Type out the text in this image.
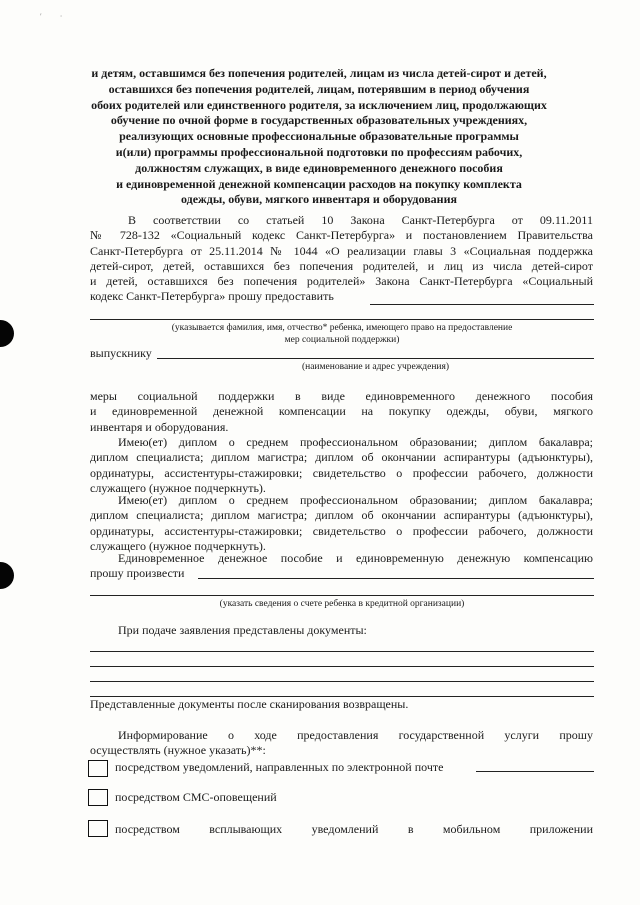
′ ·
и детям, оставшимся без попечения родителей, лицам из числа детей-сирот и детей,
оставшихся без попечения родителей, лицам, потерявшим в период обучения
обоих родителей или единственного родителя, за исключением лиц, продолжающих
обучение по очной форме в государственных образовательных учреждениях,
реализующих основные профессиональные образовательные программы
и(или) программы профессиональной подготовки по профессиям рабочих,
должностям служащих, в виде единовременного денежного пособия
и единовременной денежной компенсации расходов на покупку комплекта
одежды, обуви, мягкого инвентаря и оборудования
В соответствии со статьей 10 Закона Санкт-Петербурга от 09.11.2011
№ 728-132 «Социальный кодекс Санкт-Петербурга» и постановлением Правительства
Санкт-Петербурга от 25.11.2014 № 1044 «О реализации главы 3 «Социальная поддержка
детей-сирот, детей, оставшихся без попечения родителей, и лиц из числа детей-сирот
и детей, оставшихся без попечения родителей» Закона Санкт-Петербурга «Социальный
кодекс Санкт-Петербурга» прошу предоставить
(указывается фамилия, имя, отчество* ребенка, имеющего право на предоставление
мер социальной поддержки)
выпускнику
(наименование и адрес учреждения)
меры социальной поддержки в виде единовременного денежного пособия
и единовременной денежной компенсации на покупку одежды, обуви, мягкого
инвентаря и оборудования.
Имею(ет) диплом о среднем профессиональном образовании; диплом бакалавра;
диплом специалиста; диплом магистра; диплом об окончании аспирантуры (адъюнктуры),
ординатуры, ассистентуры-стажировки; свидетельство о профессии рабочего, должности
служащего (нужное подчеркнуть).
Имею(ет) диплом о среднем профессиональном образовании; диплом бакалавра;
диплом специалиста; диплом магистра; диплом об окончании аспирантуры (адъюнктуры),
ординатуры, ассистентуры-стажировки; свидетельство о профессии рабочего, должности
служащего (нужное подчеркнуть).
Единовременное денежное пособие и единовременную денежную компенсацию
прошу произвести
(указать сведения о счете ребенка в кредитной организации)
При подаче заявления представлены документы:
Представленные документы после сканирования возвращены.
Информирование о ходе предоставления государственной услуги прошу
осуществлять (нужное указать)**:
посредством уведомлений, направленных по электронной почте
посредством СМС-оповещений
посредством всплывающих уведомлений в мобильном приложении
